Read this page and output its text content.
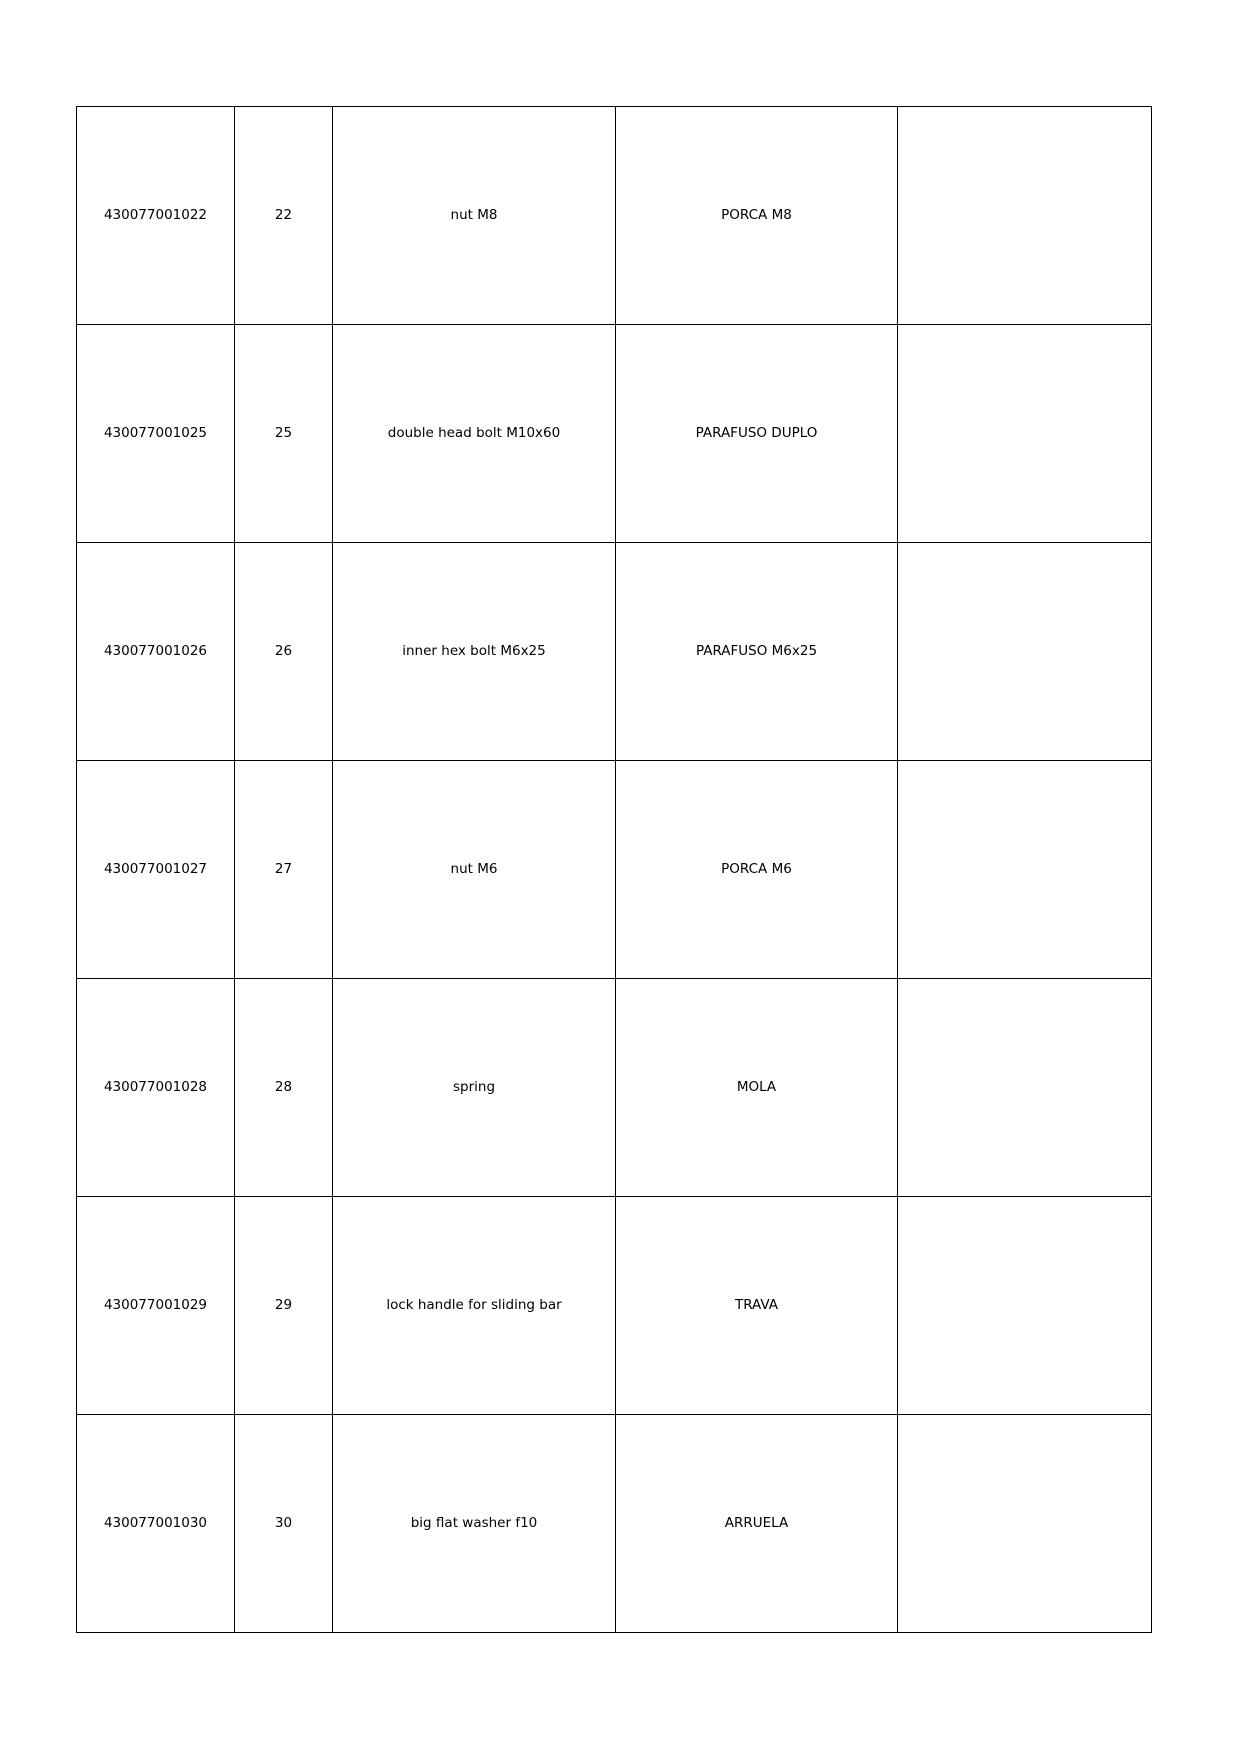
430077001022	22	nut M8	PORCA M8	

430077001025	25	double head bolt M10x60	PARAFUSO DUPLO	

430077001026	26	inner hex bolt M6x25	PARAFUSO M6x25	

430077001027	27	nut M6	PORCA M6	

430077001028	28	spring	MOLA	

430077001029	29	lock handle for sliding bar	TRAVA	

430077001030	30	big flat washer f10	ARRUELA	
